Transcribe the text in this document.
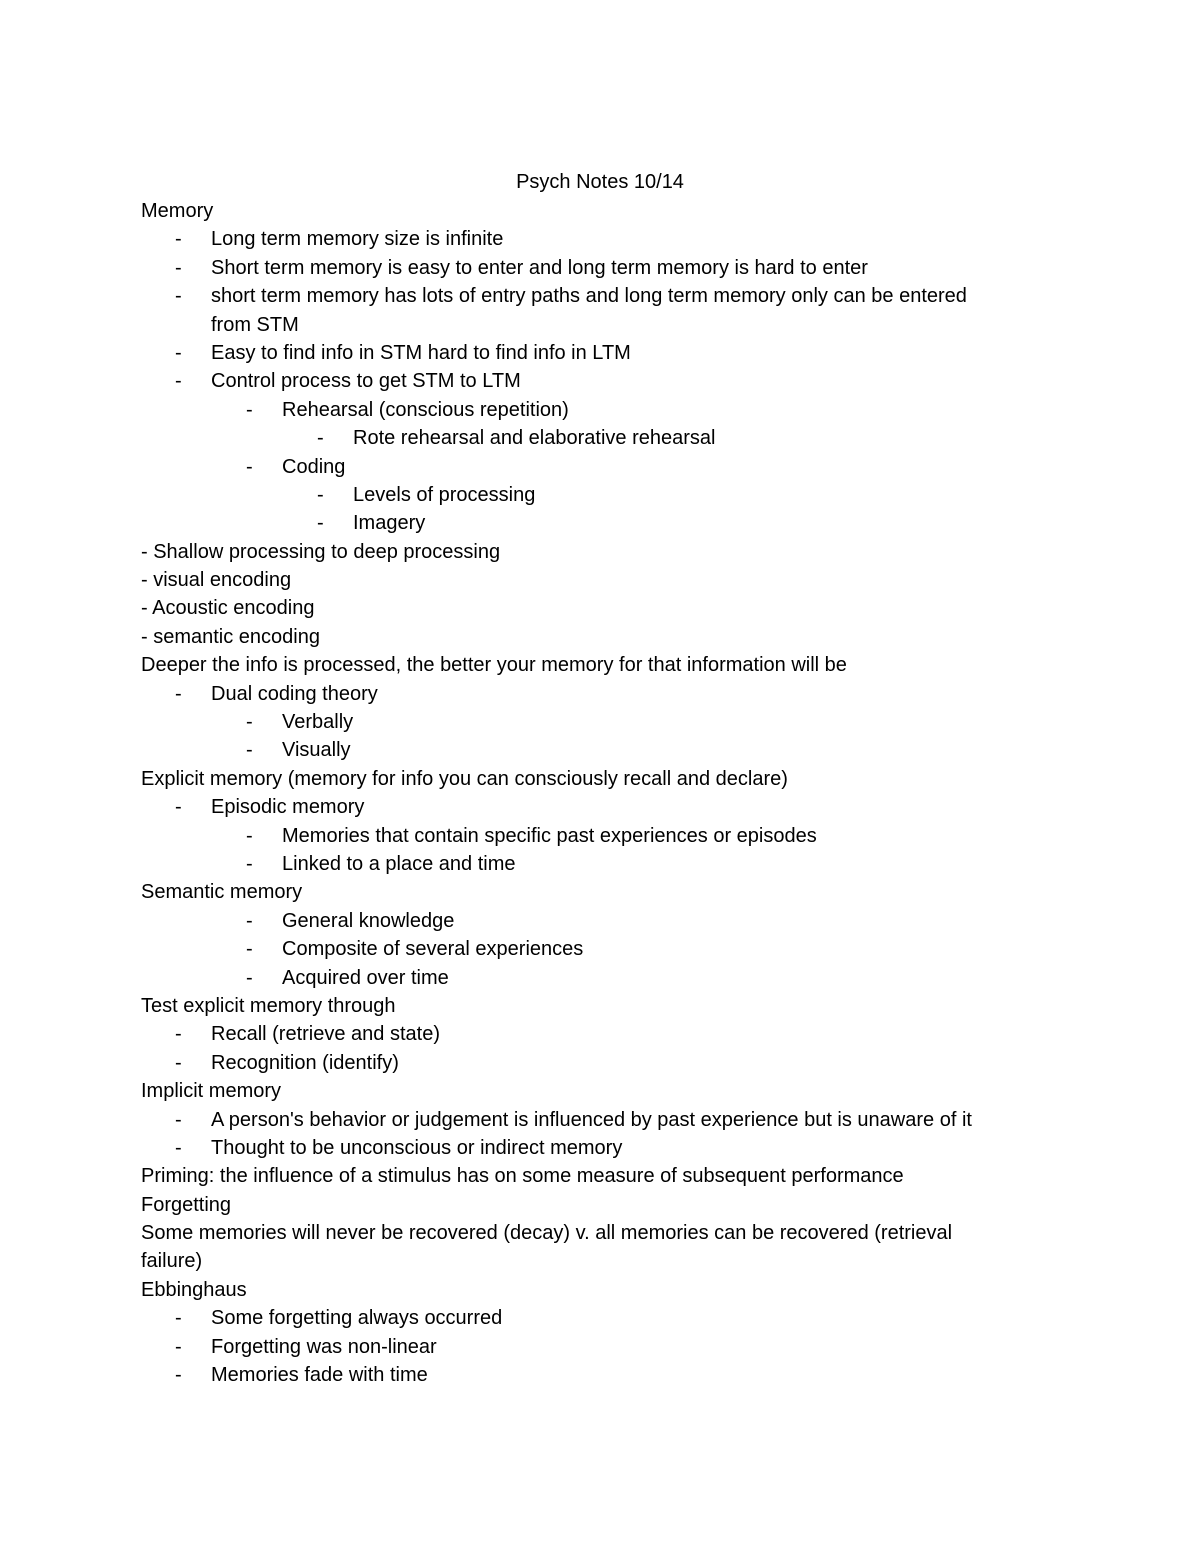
Psych Notes 10/14
Memory
- Long term memory size is infinite
- Short term memory is easy to enter and long term memory is hard to enter
- short term memory has lots of entry paths and long term memory only can be entered
from STM
- Easy to find info in STM hard to find info in LTM
- Control process to get STM to LTM
- Rehearsal (conscious repetition)
- Rote rehearsal and elaborative rehearsal
- Coding
- Levels of processing
- Imagery
- Shallow processing to deep processing
- visual encoding
- Acoustic encoding
- semantic encoding
Deeper the info is processed, the better your memory for that information will be
- Dual coding theory
- Verbally
- Visually
Explicit memory (memory for info you can consciously recall and declare)
- Episodic memory
- Memories that contain specific past experiences or episodes
- Linked to a place and time
Semantic memory
- General knowledge
- Composite of several experiences
- Acquired over time
Test explicit memory through
- Recall (retrieve and state)
- Recognition (identify)
Implicit memory
- A person's behavior or judgement is influenced by past experience but is unaware of it
- Thought to be unconscious or indirect memory
Priming: the influence of a stimulus has on some measure of subsequent performance
Forgetting
Some memories will never be recovered (decay) v. all memories can be recovered (retrieval
failure)
Ebbinghaus
- Some forgetting always occurred
- Forgetting was non-linear
- Memories fade with time
